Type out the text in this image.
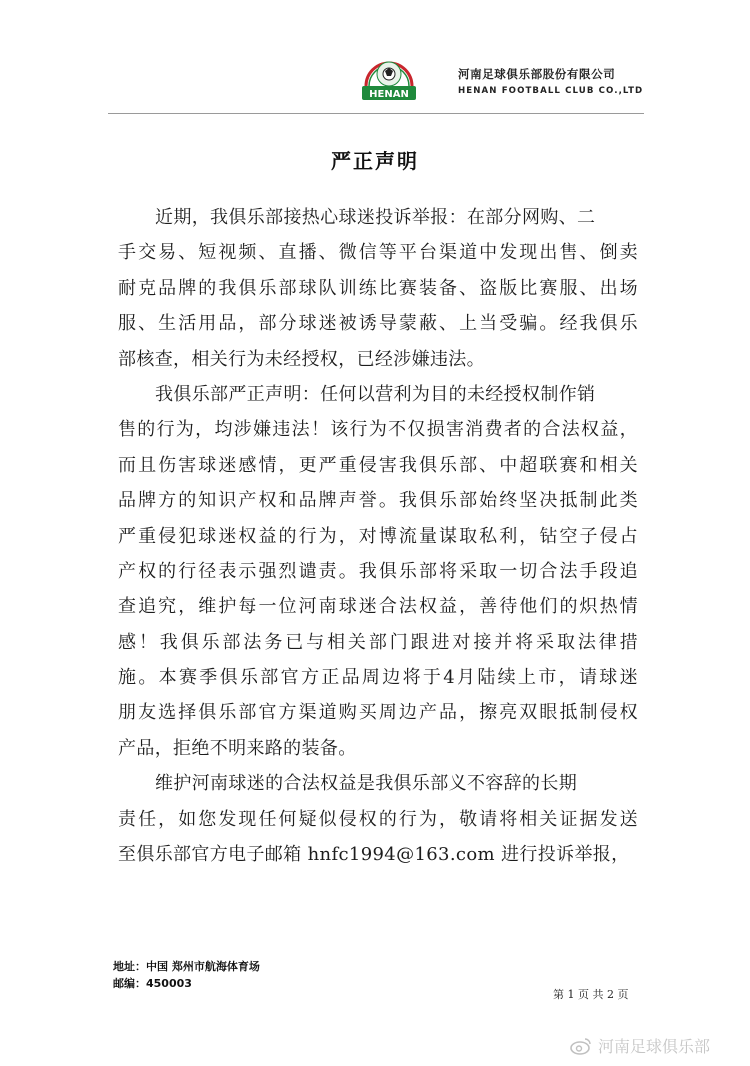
HENAN
河南足球俱乐部股份有限公司
HENAN FOOTBALL CLUB CO.,LTD
严正声明
近期，我俱乐部接热心球迷投诉举报：在部分网购、二
手交易、短视频、直播、微信等平台渠道中发现出售、倒卖
耐克品牌的我俱乐部球队训练比赛装备、盗版比赛服、出场
服、生活用品，部分球迷被诱导蒙蔽、上当受骗。经我俱乐
部核查，相关行为未经授权，已经涉嫌违法。
我俱乐部严正声明：任何以营利为目的未经授权制作销
售的行为，均涉嫌违法！该行为不仅损害消费者的合法权益，
而且伤害球迷感情，更严重侵害我俱乐部、中超联赛和相关
品牌方的知识产权和品牌声誉。我俱乐部始终坚决抵制此类
严重侵犯球迷权益的行为，对博流量谋取私利，钻空子侵占
产权的行径表示强烈谴责。我俱乐部将采取一切合法手段追
查追究，维护每一位河南球迷合法权益，善待他们的炽热情
感！我俱乐部法务已与相关部门跟进对接并将采取法律措
施。本赛季俱乐部官方正品周边将于4月陆续上市，请球迷
朋友选择俱乐部官方渠道购买周边产品，擦亮双眼抵制侵权
产品，拒绝不明来路的装备。
维护河南球迷的合法权益是我俱乐部义不容辞的长期
责任，如您发现任何疑似侵权的行为，敬请将相关证据发送
至俱乐部官方电子邮箱 hnfc1994@163.com 进行投诉举报，
地址：中国 郑州市航海体育场
邮编：450003
第 1 页 共 2 页
河南足球俱乐部
